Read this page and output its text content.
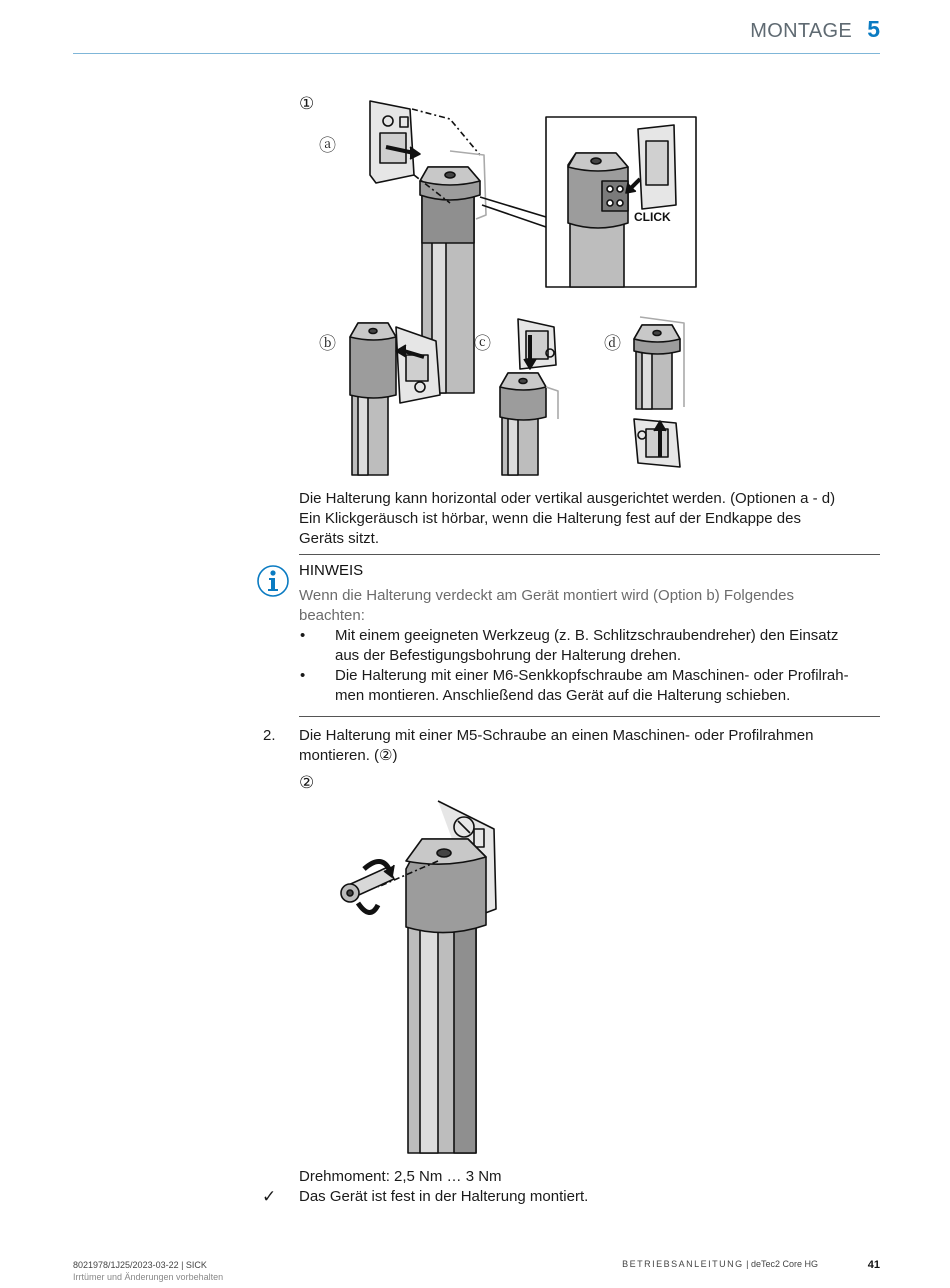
MONTAGE 5
①
ⓐ
ⓑ	ⓒ	ⓓ
CLICK
Die Halterung kann horizontal oder vertikal ausgerichtet werden. (Optionen a - d)
Ein Klickgeräusch ist hörbar, wenn die Halterung fest auf der Endkappe des
Geräts sitzt.
HINWEIS
Wenn die Halterung verdeckt am Gerät montiert wird (Option b) Folgendes
beachten:
• Mit einem geeigneten Werkzeug (z. B. Schlitzschraubendreher) den Einsatz
aus der Befestigungsbohrung der Halterung drehen.
• Die Halterung mit einer M6-Senkkopfschraube am Maschinen- oder Profilrah-
men montieren. Anschließend das Gerät auf die Halterung schieben.
2. Die Halterung mit einer M5-Schraube an einen Maschinen- oder Profilrahmen
montieren. (②)
②
Drehmoment: 2,5 Nm … 3 Nm
✓ Das Gerät ist fest in der Halterung montiert.
8021978/1J25/2023-03-22 | SICK
Irrtümer und Änderungen vorbehalten
BETRIEBSANLEITUNG | deTec2 Core HG	41
